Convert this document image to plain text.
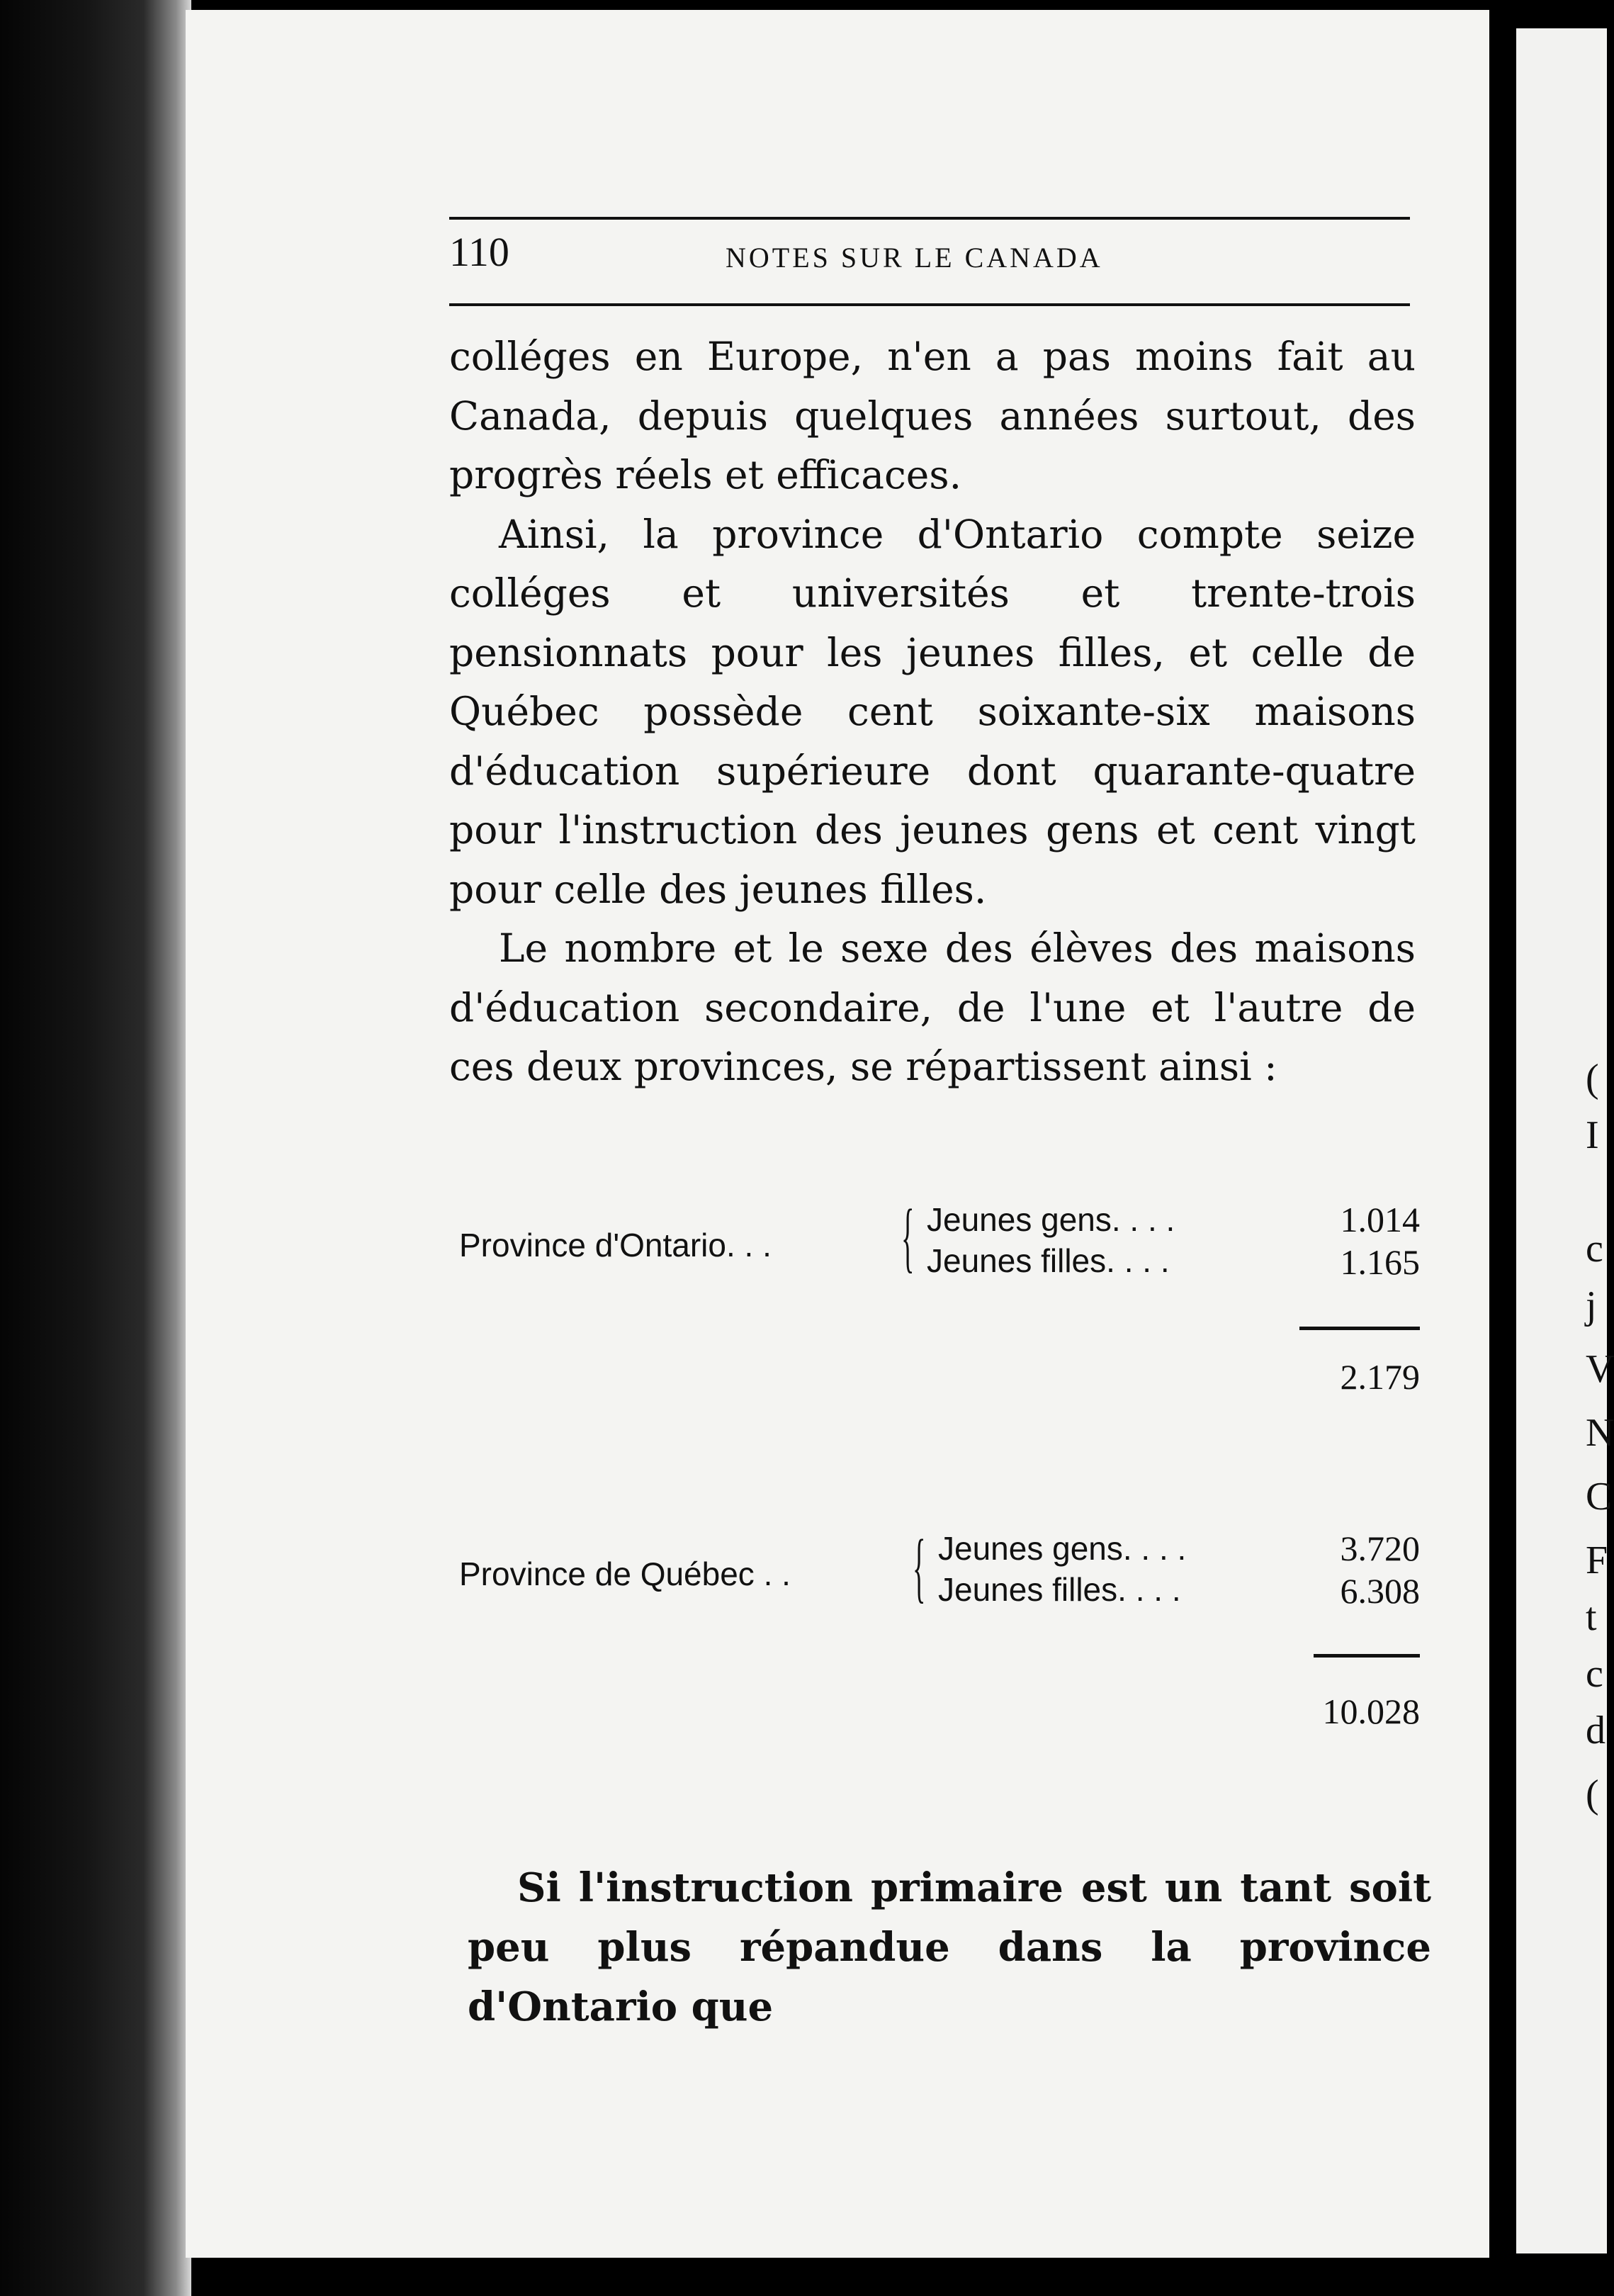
(
I
c
j
V
N
C
F
t
c
d
(
110	NOTES SUR LE CANADA

colléges en Europe, n'en a pas moins fait au Canada, depuis quelques années surtout, des progrès réels et efficaces.

Ainsi, la province d'Ontario compte seize colléges et universités et trente-trois pensionnats pour les jeunes filles, et celle de Québec possède cent soixante-six maisons d'éducation supérieure dont quarante-quatre pour l'instruction des jeunes gens et cent vingt pour celle des jeunes filles.

Le nombre et le sexe des élèves des maisons d'éducation secondaire, de l'une et l'autre de ces deux provinces, se répartissent ainsi :

Province d'Ontario. . . { Jeunes gens. . . .
Jeunes filles. . . .
1.014
1.165
2.179
Province de Québec . . { Jeunes gens. . . .
Jeunes filles. . . .
3.720
6.308
10.028

Si l'instruction primaire est un tant soit peu plus répandue dans la province d'Ontario que
